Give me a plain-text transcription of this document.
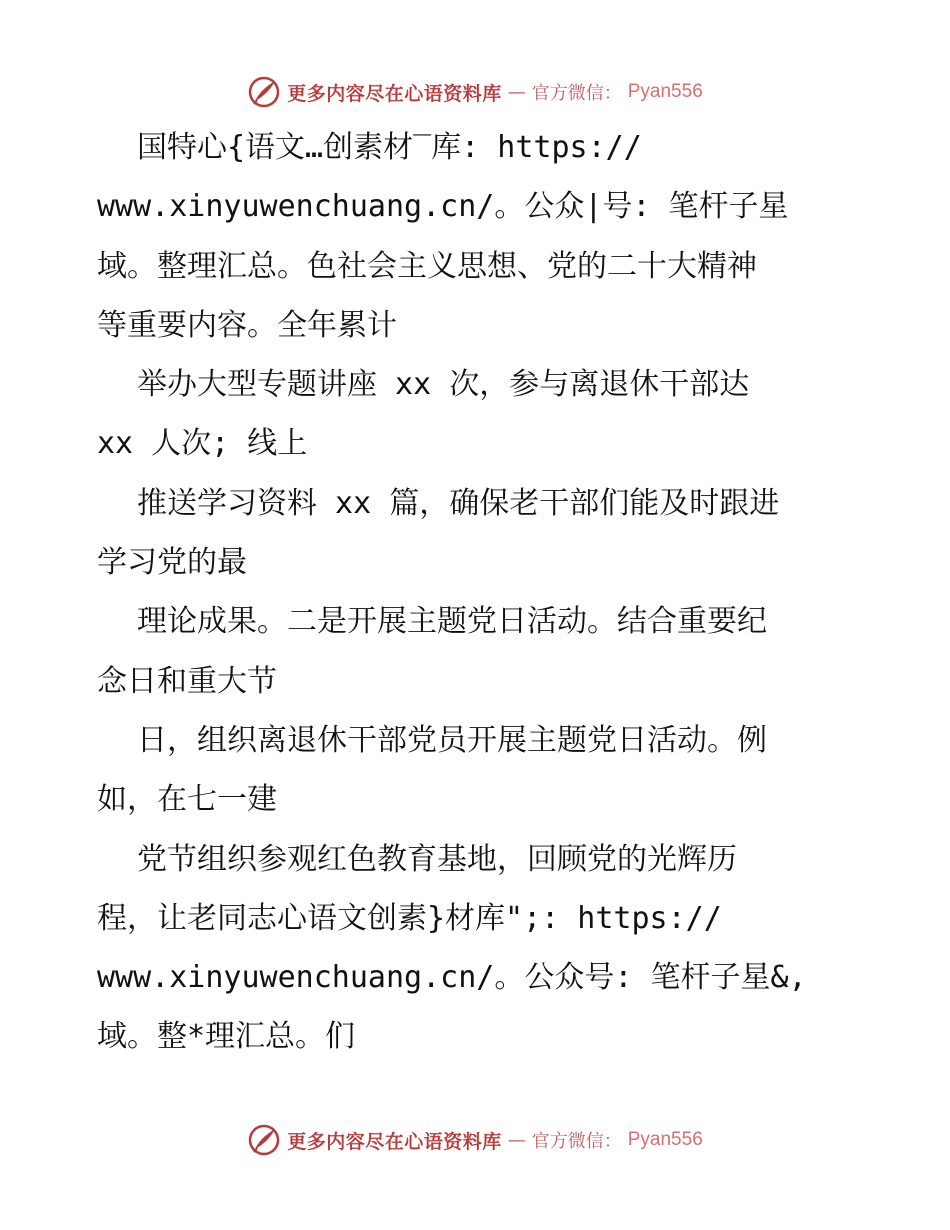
更多内容尽在心语资料库 — 官方微信： Pyan556
国特心{语文…创素材‾库: https://
www.xinyuwenchuang.cn/。公众|号: 笔杆子星
域。整理汇总。色社会主义思想、党的二十大精神
等重要内容。全年累计
举办大型专题讲座 xx 次，参与离退休干部达
xx 人次; 线上
推送学习资料 xx 篇，确保老干部们能及时跟进
学习党的最
理论成果。二是开展主题党日活动。结合重要纪
念日和重大节
日，组织离退休干部党员开展主题党日活动。例
如，在七一建
党节组织参观红色教育基地，回顾党的光辉历
程，让老同志心语文创素}材库";: https://
www.xinyuwenchuang.cn/。公众号: 笔杆子星&,
域。整*理汇总。们
更多内容尽在心语资料库 — 官方微信： Pyan556
